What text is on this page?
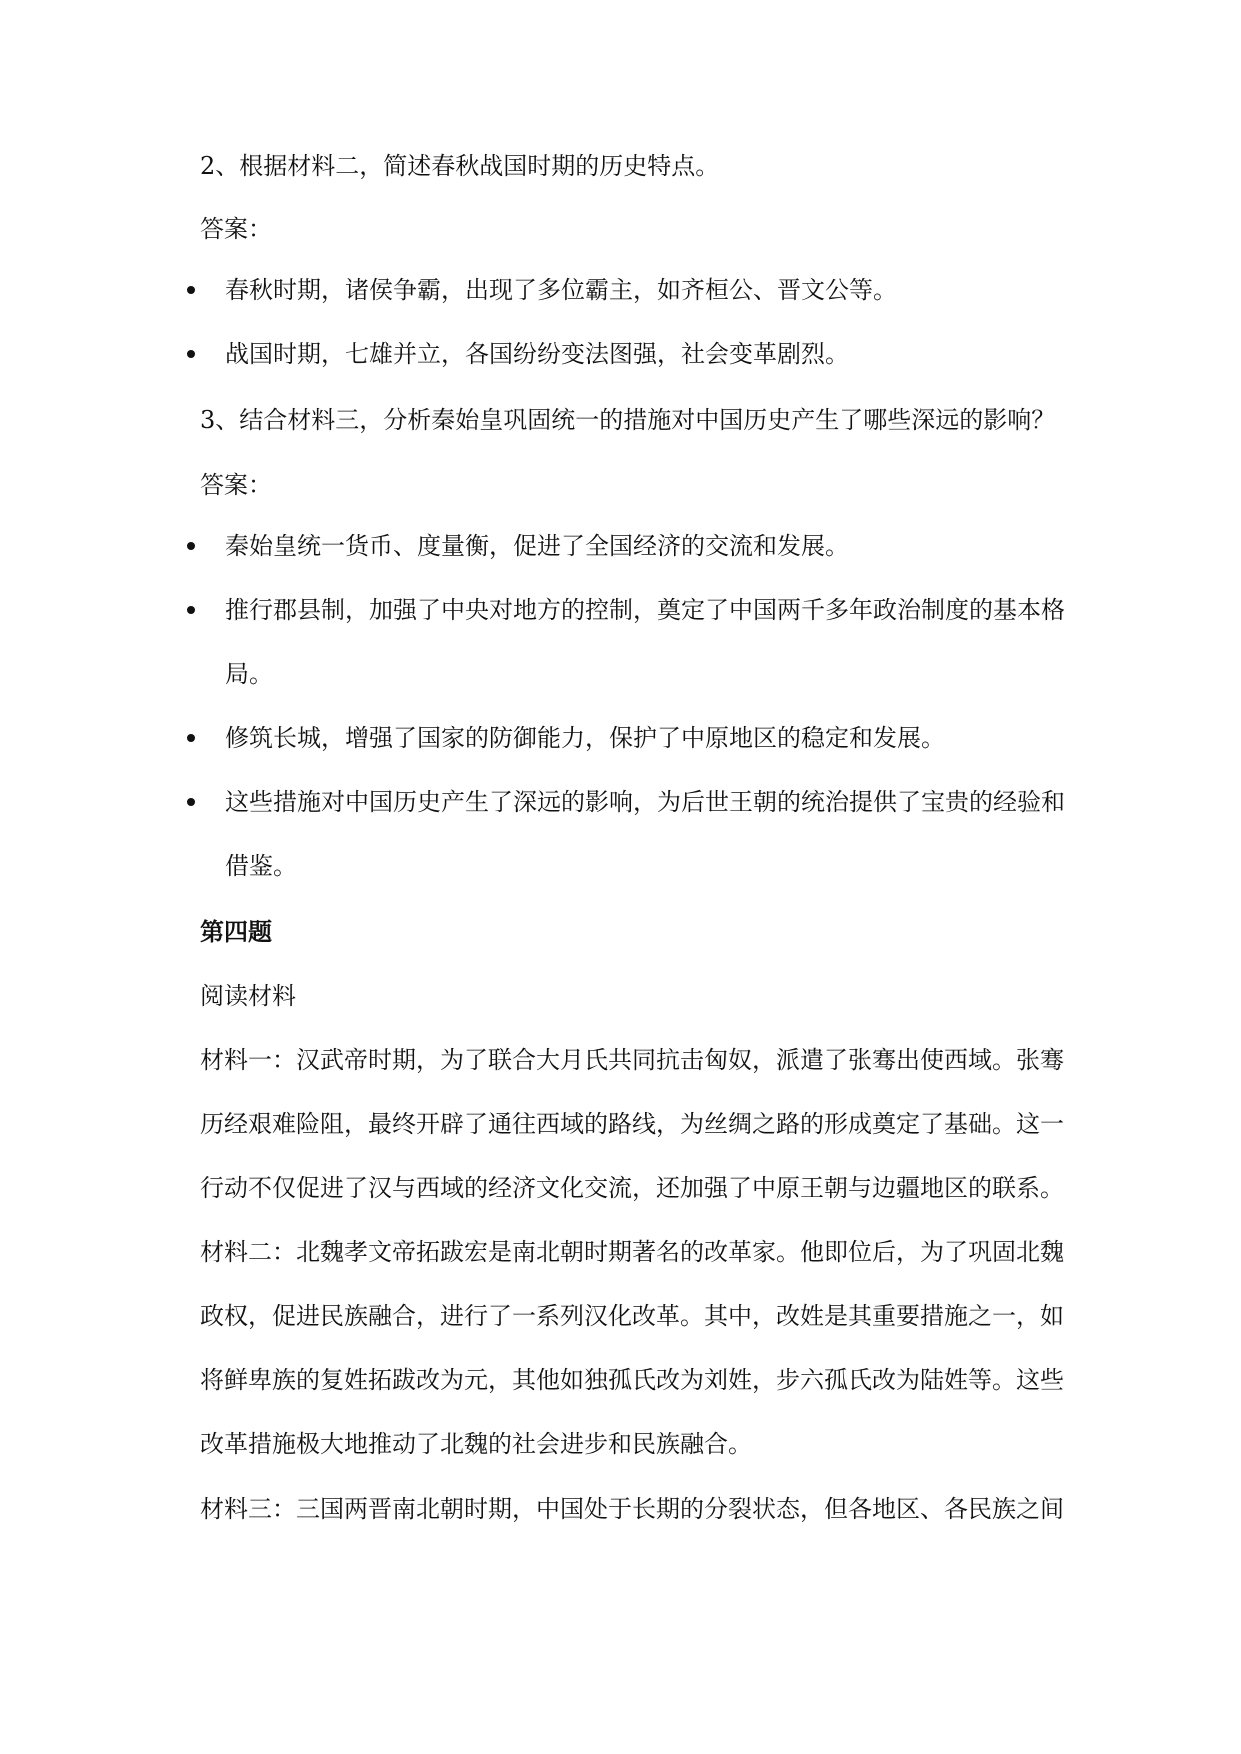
2、根据材料二，简述春秋战国时期的历史特点。
答案：
春秋时期，诸侯争霸，出现了多位霸主，如齐桓公、晋文公等。
战国时期，七雄并立，各国纷纷变法图强，社会变革剧烈。
3、结合材料三，分析秦始皇巩固统一的措施对中国历史产生了哪些深远的影响？
答案：
秦始皇统一货币、度量衡，促进了全国经济的交流和发展。
推行郡县制，加强了中央对地方的控制，奠定了中国两千多年政治制度的基本格
局。
修筑长城，增强了国家的防御能力，保护了中原地区的稳定和发展。
这些措施对中国历史产生了深远的影响，为后世王朝的统治提供了宝贵的经验和
借鉴。
第四题
阅读材料
材料一：汉武帝时期，为了联合大月氏共同抗击匈奴，派遣了张骞出使西域。张骞
历经艰难险阻，最终开辟了通往西域的路线，为丝绸之路的形成奠定了基础。这一
行动不仅促进了汉与西域的经济文化交流，还加强了中原王朝与边疆地区的联系。
材料二：北魏孝文帝拓跋宏是南北朝时期著名的改革家。他即位后，为了巩固北魏
政权，促进民族融合，进行了一系列汉化改革。其中，改姓是其重要措施之一，如
将鲜卑族的复姓拓跋改为元，其他如独孤氏改为刘姓，步六孤氏改为陆姓等。这些
改革措施极大地推动了北魏的社会进步和民族融合。
材料三：三国两晋南北朝时期，中国处于长期的分裂状态，但各地区、各民族之间
